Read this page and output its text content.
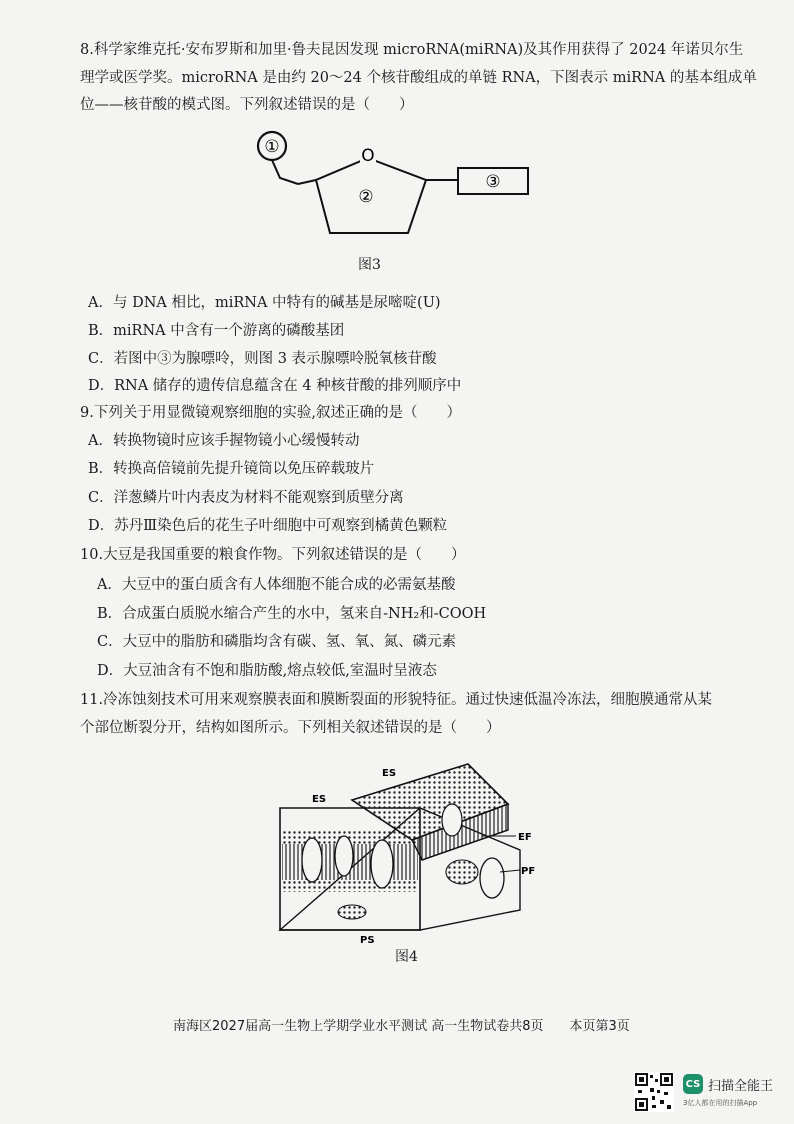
8.科学家维克托·安布罗斯和加里·鲁夫昆因发现 microRNA(miRNA)及其作用获得了 2024 年诺贝尔生
理学或医学奖。microRNA 是由约 20～24 个核苷酸组成的单链 RNA，下图表示 miRNA 的基本组成单
位——核苷酸的模式图。下列叙述错误的是（　　）
①	O
②
③
图3
A．与 DNA 相比，miRNA 中特有的碱基是尿嘧啶(U)
B．miRNA 中含有一个游离的磷酸基团
C．若图中③为腺嘌呤，则图 3 表示腺嘌呤脱氧核苷酸
D．RNA 储存的遗传信息蕴含在 4 种核苷酸的排列顺序中
9.下列关于用显微镜观察细胞的实验,叙述正确的是（　　）
A．转换物镜时应该手握物镜小心缓慢转动
B．转换高倍镜前先提升镜筒以免压碎载玻片
C．洋葱鳞片叶内表皮为材料不能观察到质壁分离
D．苏丹Ⅲ染色后的花生子叶细胞中可观察到橘黄色颗粒
10.大豆是我国重要的粮食作物。下列叙述错误的是（　　）
A．大豆中的蛋白质含有人体细胞不能合成的必需氨基酸
B．合成蛋白质脱水缩合产生的水中，氢来自-NH₂和-COOH
C．大豆中的脂肪和磷脂均含有碳、氢、氧、氮、磷元素
D．大豆油含有不饱和脂肪酸,熔点较低,室温时呈液态
11.冷冻蚀刻技术可用来观察膜表面和膜断裂面的形貌特征。通过快速低温冷冻法，细胞膜通常从某
个部位断裂分开，结构如图所示。下列相关叙述错误的是（　　）
ES
ES
EF
PF
PS
图4
南海区2027届高一生物上学期学业水平测试 高一生物试卷共8页　　本页第3页
CS 扫描全能王
3亿人都在用的扫描App
